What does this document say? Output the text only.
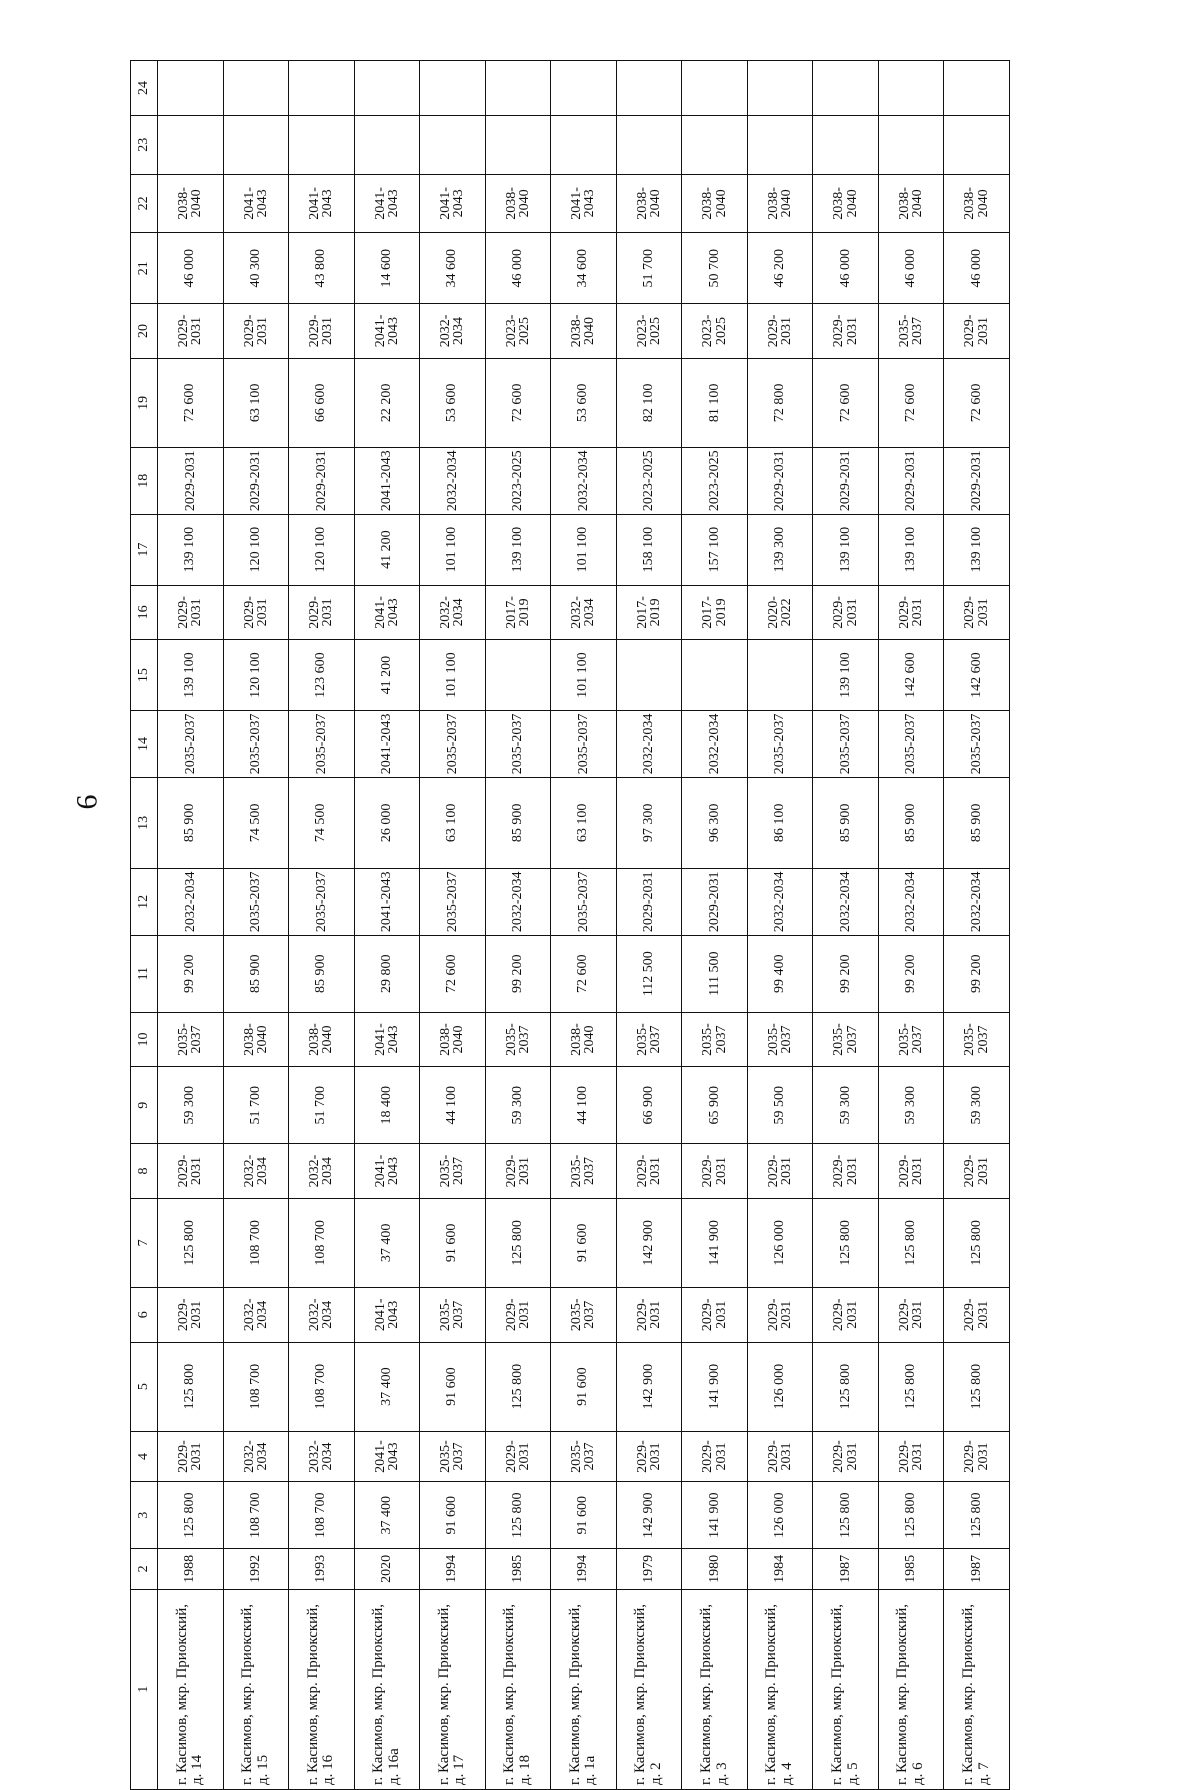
6
1	2	3	4	5	6	7	8	9	10	11	12	13	14	15	16	17	18	19	20	21	22	23	24
г. Касимов, мкр. Приокский, д. 14	1988	125 800	2029-2031	125 800	2029-2031	125 800	2029-2031	59 300	2035-2037	99 200	2032-2034	85 900	2035-2037	139 100	2029-2031	139 100	2029-2031	72 600	2029-2031	46 000	2038-2040		
г. Касимов, мкр. Приокский, д. 15	1992	108 700	2032-2034	108 700	2032-2034	108 700	2032-2034	51 700	2038-2040	85 900	2035-2037	74 500	2035-2037	120 100	2029-2031	120 100	2029-2031	63 100	2029-2031	40 300	2041-2043		
г. Касимов, мкр. Приокский, д. 16	1993	108 700	2032-2034	108 700	2032-2034	108 700	2032-2034	51 700	2038-2040	85 900	2035-2037	74 500	2035-2037	123 600	2029-2031	120 100	2029-2031	66 600	2029-2031	43 800	2041-2043		
г. Касимов, мкр. Приокский, д. 16а	2020	37 400	2041-2043	37 400	2041-2043	37 400	2041-2043	18 400	2041-2043	29 800	2041-2043	26 000	2041-2043	41 200	2041-2043	41 200	2041-2043	22 200	2041-2043	14 600	2041-2043		
г. Касимов, мкр. Приокский, д. 17	1994	91 600	2035-2037	91 600	2035-2037	91 600	2035-2037	44 100	2038-2040	72 600	2035-2037	63 100	2035-2037	101 100	2032-2034	101 100	2032-2034	53 600	2032-2034	34 600	2041-2043		
г. Касимов, мкр. Приокский, д. 18	1985	125 800	2029-2031	125 800	2029-2031	125 800	2029-2031	59 300	2035-2037	99 200	2032-2034	85 900	2035-2037		2017-2019	139 100	2023-2025	72 600	2023-2025	46 000	2038-2040		
г. Касимов, мкр. Приокский, д. 1а	1994	91 600	2035-2037	91 600	2035-2037	91 600	2035-2037	44 100	2038-2040	72 600	2035-2037	63 100	2035-2037	101 100	2032-2034	101 100	2032-2034	53 600	2038-2040	34 600	2041-2043		
г. Касимов, мкр. Приокский, д. 2	1979	142 900	2029-2031	142 900	2029-2031	142 900	2029-2031	66 900	2035-2037	112 500	2029-2031	97 300	2032-2034		2017-2019	158 100	2023-2025	82 100	2023-2025	51 700	2038-2040		
г. Касимов, мкр. Приокский, д. 3	1980	141 900	2029-2031	141 900	2029-2031	141 900	2029-2031	65 900	2035-2037	111 500	2029-2031	96 300	2032-2034		2017-2019	157 100	2023-2025	81 100	2023-2025	50 700	2038-2040		
г. Касимов, мкр. Приокский, д. 4	1984	126 000	2029-2031	126 000	2029-2031	126 000	2029-2031	59 500	2035-2037	99 400	2032-2034	86 100	2035-2037		2020-2022	139 300	2029-2031	72 800	2029-2031	46 200	2038-2040		
г. Касимов, мкр. Приокский, д. 5	1987	125 800	2029-2031	125 800	2029-2031	125 800	2029-2031	59 300	2035-2037	99 200	2032-2034	85 900	2035-2037	139 100	2029-2031	139 100	2029-2031	72 600	2029-2031	46 000	2038-2040		
г. Касимов, мкр. Приокский, д. 6	1985	125 800	2029-2031	125 800	2029-2031	125 800	2029-2031	59 300	2035-2037	99 200	2032-2034	85 900	2035-2037	142 600	2029-2031	139 100	2029-2031	72 600	2035-2037	46 000	2038-2040		
г. Касимов, мкр. Приокский, д. 7	1987	125 800	2029-2031	125 800	2029-2031	125 800	2029-2031	59 300	2035-2037	99 200	2032-2034	85 900	2035-2037	142 600	2029-2031	139 100	2029-2031	72 600	2029-2031	46 000	2038-2040		
